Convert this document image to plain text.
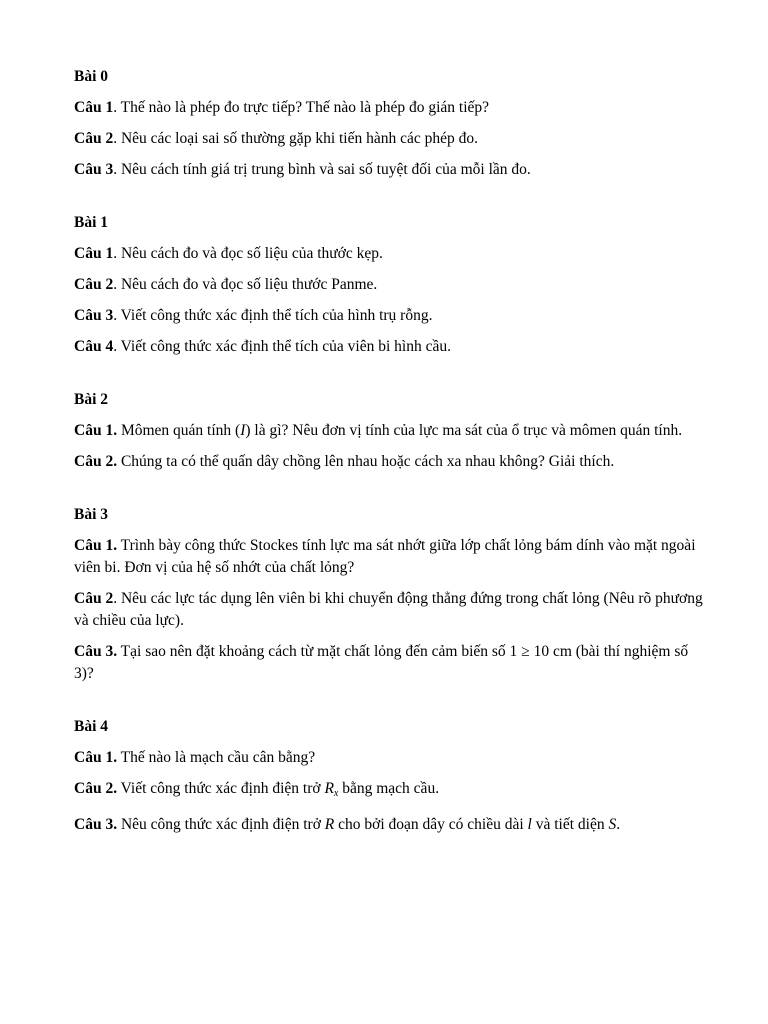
Bài 0
Câu 1. Thế nào là phép đo trực tiếp? Thế nào là phép đo gián tiếp?
Câu 2. Nêu các loại sai số thường gặp khi tiến hành các phép đo.
Câu 3. Nêu cách tính giá trị trung bình và sai số tuyệt đối của mỗi lần đo.
Bài 1
Câu 1. Nêu cách đo và đọc số liệu của thước kẹp.
Câu 2. Nêu cách đo và đọc số liệu thước Panme.
Câu 3. Viết công thức xác định thể tích của hình trụ rỗng.
Câu 4. Viết công thức xác định thể tích của viên bi hình cầu.
Bài 2
Câu 1. Mômen quán tính (I) là gì? Nêu đơn vị tính của lực ma sát của ổ trục và mômen quán tính.
Câu 2. Chúng ta có thể quấn dây chồng lên nhau hoặc cách xa nhau không? Giải thích.
Bài 3
Câu 1. Trình bày công thức Stockes tính lực ma sát nhớt giữa lớp chất lỏng bám dính vào mặt ngoài viên bi. Đơn vị của hệ số nhớt của chất lỏng?
Câu 2. Nêu các lực tác dụng lên viên bi khi chuyển động thẳng đứng trong chất lỏng (Nêu rõ phương và chiều của lực).
Câu 3. Tại sao nên đặt khoảng cách từ mặt chất lỏng đến cảm biến số 1 ≥ 10 cm (bài thí nghiệm số 3)?
Bài 4
Câu 1. Thế nào là mạch cầu cân bằng?
Câu 2. Viết công thức xác định điện trở $R_x$ bằng mạch cầu.
Câu 3. Nêu công thức xác định điện trở R cho bởi đoạn dây có chiều dài l và tiết diện S.
